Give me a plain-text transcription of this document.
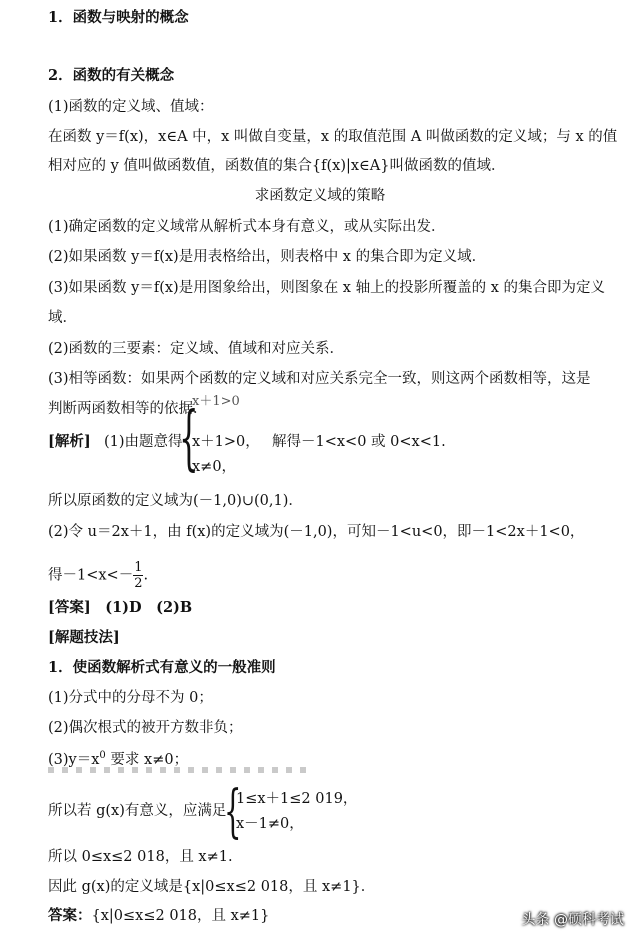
1．函数与映射的概念
2．函数的有关概念
(1)函数的定义域、值域：
在函数 y＝f(x)，x∈A 中，x 叫做自变量，x 的取值范围 A 叫做函数的定义域；与 x 的值
相对应的 y 值叫做函数值，函数值的集合{f(x)|x∈A}叫做函数的值域．
求函数定义域的策略
(1)确定函数的定义域常从解析式本身有意义，或从实际出发．
(2)如果函数 y＝f(x)是用表格给出，则表格中 x 的集合即为定义域．
(3)如果函数 y＝f(x)是用图象给出，则图象在 x 轴上的投影所覆盖的 x 的集合即为定义
域．
(2)函数的三要素：定义域、值域和对应关系．
(3)相等函数：如果两个函数的定义域和对应关系完全一致，则这两个函数相等，这是
判断两函数相等的依据．
x＋1>0
[解析] (1)由题意得
{
x＋1>0，
x≠0，
解得－1<x<0 或 0<x<1.
所以原函数的定义域为(－1,0)∪(0,1)．
(2)令 u＝2x＋1，由 f(x)的定义域为(－1,0)，可知－1<u<0，即－1<2x＋1<0，
得$-1<x<- \frac{1}{2}$ .
[答案]　(1)D　(2)B
[解题技法]
1．使函数解析式有意义的一般准则
(1)分式中的分母不为 0；
(2)偶次根式的被开方数非负；
$(3)y=x^0$ 要求 x≠0；
所以若 g(x)有意义，应满足
{
1≤x＋1≤2 019，
x－1≠0，
所以 0≤x≤2 018，且 x≠1.
因此 g(x)的定义域是{x|0≤x≤2 018，且 x≠1}．
答案：{x|0≤x≤2 018，且 x≠1}	头条 @硕科考试
